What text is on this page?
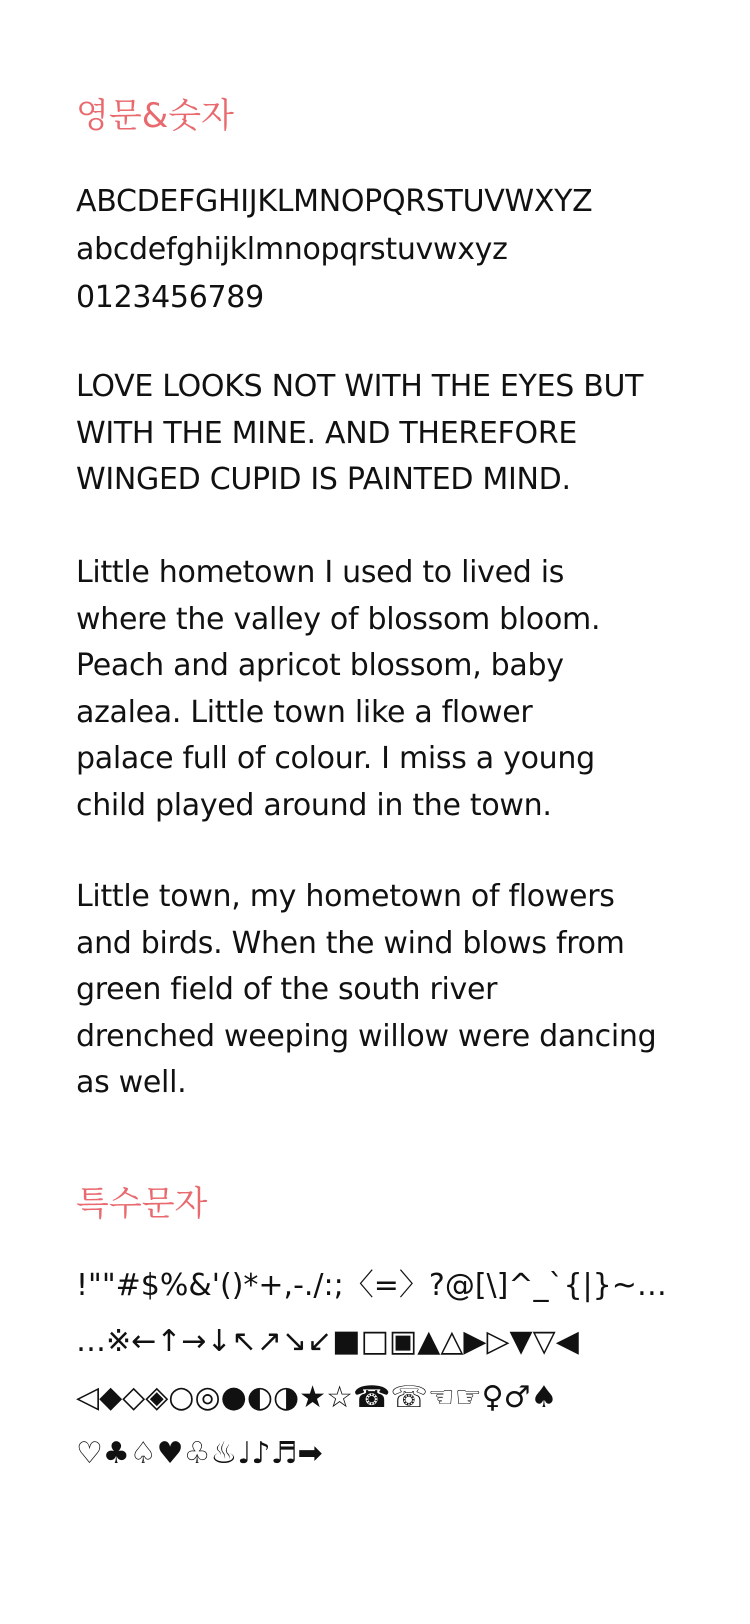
영문&숫자
ABCDEFGHIJKLMNOPQRSTUVWXYZ
abcdefghijklmnopqrstuvwxyz
0123456789
LOVE LOOKS NOT WITH THE EYES BUT
WITH THE MINE. AND THEREFORE
WINGED CUPID IS PAINTED MIND.
Little hometown I used to lived is
where the valley of blossom bloom.
Peach and apricot blossom, baby
azalea. Little town like a flower
palace full of colour. I miss a young
child played around in the town.
Little town, my hometown of flowers
and birds. When the wind blows from
green field of the south river
drenched weeping willow were dancing
as well.
특수문자
!""#$%&'()*+,-./:;〈=〉?@[\]^_`{|}~…
…※←↑→↓↖↗↘↙■□▣▲△▶▷▼▽◀
◁◆◇◈○◎●◐◑★☆☎☏☜☞♀♂♠
♡♣♤♥♧♨♩♪♬➡
